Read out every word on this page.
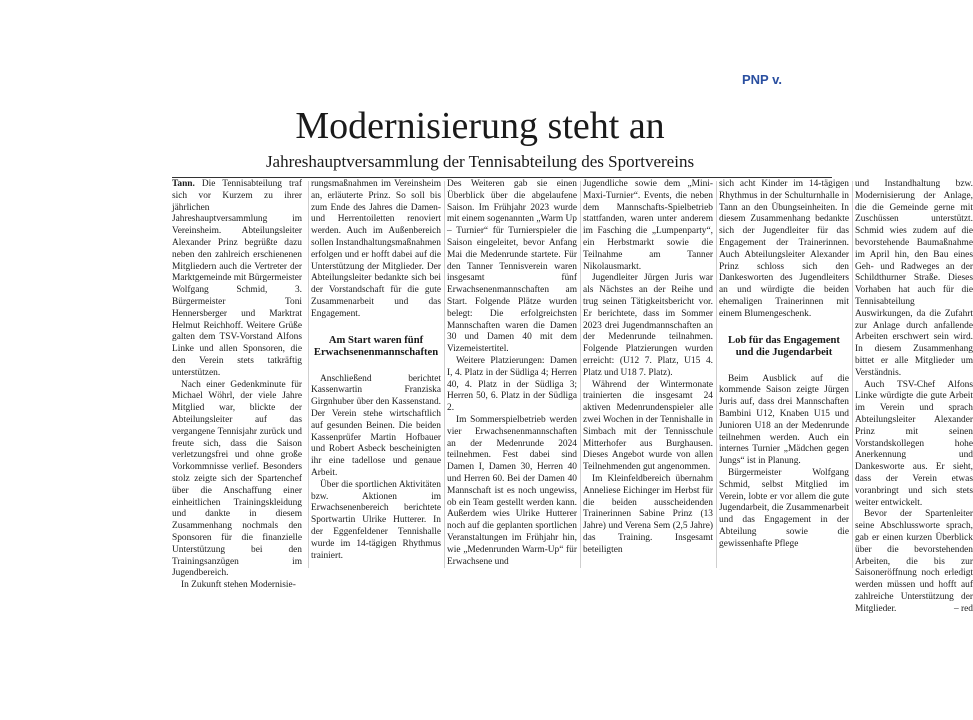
PNP v.
Modernisierung steht an
Jahreshauptversammlung der Tennisabteilung des Sportvereins

Tann. Die Tennisabteilung traf sich vor Kurzem zu ihrer jährlichen Jahreshauptversammlung im Vereinsheim. Abteilungsleiter Alexander Prinz begrüßte dazu neben den zahlreich erschienenen Mitgliedern auch die Vertreter der Marktgemeinde mit Bürgermeister Wolfgang Schmid, 3. Bürgermeister Toni Hennersberger und Marktrat Helmut Reichhoff. Weitere Grüße galten dem TSV-Vorstand Alfons Linke und allen Sponsoren, die den Verein stets tatkräftig unterstützen.

Nach einer Gedenkminute für Michael Wöhrl, der viele Jahre Mitglied war, blickte der Abteilungsleiter auf das vergangene Tennisjahr zurück und freute sich, dass die Saison verletzungsfrei und ohne große Vorkommnisse verlief. Besonders stolz zeigte sich der Spartenchef über die Anschaffung einer einheitlichen Trainingskleidung und dankte in diesem Zusammenhang nochmals den Sponsoren für die finanzielle Unterstützung bei den Trainingsanzügen im Jugendbereich.

In Zukunft stehen Modernisie-

rungsmaßnahmen im Vereinsheim an, erläuterte Prinz. So soll bis zum Ende des Jahres die Damen- und Herrentoiletten renoviert werden. Auch im Außenbereich sollen Instandhaltungsmaßnahmen erfolgen und er hofft dabei auf die Unterstützung der Mitglieder. Der Abteilungsleiter bedankte sich bei der Vorstandschaft für die gute Zusammenarbeit und das Engagement.

Am Start waren fünf Erwachsenenmannschaften

Anschließend berichtet Kassenwartin Franziska Girgnhuber über den Kassenstand. Der Verein stehe wirtschaftlich auf gesunden Beinen. Die beiden Kassenprüfer Martin Hofbauer und Robert Asbeck bescheinigten ihr eine tadellose und genaue Arbeit.

Über die sportlichen Aktivitäten bzw. Aktionen im Erwachsenenbereich berichtete Sportwartin Ulrike Hutterer. In der Eggenfeldener Tennishalle wurde im 14-tägigen Rhythmus trainiert.

Des Weiteren gab sie einen Überblick über die abgelaufene Saison. Im Frühjahr 2023 wurde mit einem sogenannten „Warm Up – Turnier“ für Turnierspieler die Saison eingeleitet, bevor Anfang Mai die Medenrunde startete. Für den Tanner Tennisverein waren insgesamt fünf Erwachsenenmannschaften am Start. Folgende Plätze wurden belegt: Die erfolgreichsten Mannschaften waren die Damen 30 und Damen 40 mit dem Vizemeistertitel.

Weitere Platzierungen: Damen I, 4. Platz in der Südliga 4; Herren 40, 4. Platz in der Südliga 3; Herren 50, 6. Platz in der Südliga 2.

Im Sommerspielbetrieb werden vier Erwachsenenmannschaften an der Medenrunde 2024 teilnehmen. Fest dabei sind Damen I, Damen 30, Herren 40 und Herren 60. Bei der Damen 40 Mannschaft ist es noch ungewiss, ob ein Team gestellt werden kann. Außerdem wies Ulrike Hutterer noch auf die geplanten sportlichen Veranstaltungen im Frühjahr hin, wie „Medenrunden Warm-Up“ für Erwachsene und

Jugendliche sowie dem „Mini-Maxi-Turnier“. Events, die neben dem Mannschafts-Spielbetrieb stattfanden, waren unter anderem im Fasching die „Lumpenparty“, ein Herbstmarkt sowie die Teilnahme am Tanner Nikolausmarkt.

Jugendleiter Jürgen Juris war als Nächstes an der Reihe und trug seinen Tätigkeitsbericht vor. Er berichtete, dass im Sommer 2023 drei Jugendmannschaften an der Medenrunde teilnahmen. Folgende Platzierungen wurden erreicht: (U12 7. Platz, U15 4. Platz und U18 7. Platz).

Während der Wintermonate trainierten die insgesamt 24 aktiven Medenrundenspieler alle zwei Wochen in der Tennishalle in Simbach mit der Tennisschule Mitterhofer aus Burghausen. Dieses Angebot wurde von allen Teilnehmenden gut angenommen.

Im Kleinfeldbereich übernahm Anneliese Eichinger im Herbst für die beiden ausscheidenden Trainerinnen Sabine Prinz (13 Jahre) und Verena Sem (2,5 Jahre) das Training. Insgesamt beteiligten

sich acht Kinder im 14-tägigen Rhythmus in der Schulturnhalle in Tann an den Übungseinheiten. In diesem Zusammenhang bedankte sich der Jugendleiter für das Engagement der Trainerinnen. Auch Abteilungsleiter Alexander Prinz schloss sich den Dankesworten des Jugendleiters an und würdigte die beiden ehemaligen Trainerinnen mit einem Blumengeschenk.

Lob für das Engagement und die Jugendarbeit

Beim Ausblick auf die kommende Saison zeigte Jürgen Juris auf, dass drei Mannschaften Bambini U12, Knaben U15 und Junioren U18 an der Medenrunde teilnehmen werden. Auch ein internes Turnier „Mädchen gegen Jungs“ ist in Planung.

Bürgermeister Wolfgang Schmid, selbst Mitglied im Verein, lobte er vor allem die gute Jugendarbeit, die Zusammenarbeit und das Engagement in der Abteilung sowie die gewissenhafte Pflege

und Instandhaltung bzw. Modernisierung der Anlage, die die Gemeinde gerne mit Zuschüssen unterstützt. Schmid wies zudem auf die bevorstehende Baumaßnahme im April hin, den Bau eines Geh- und Radweges an der Schildthurner Straße. Dieses Vorhaben hat auch für die Tennisabteilung Auswirkungen, da die Zufahrt zur Anlage durch anfallende Arbeiten erschwert sein wird. In diesem Zusammenhang bittet er alle Mitglieder um Verständnis.

Auch TSV-Chef Alfons Linke würdigte die gute Arbeit im Verein und sprach Abteilungsleiter Alexander Prinz mit seinen Vorstandskollegen hohe Anerkennung und Dankesworte aus. Er sieht, dass der Verein etwas voranbringt und sich stets weiter entwickelt.

Bevor der Spartenleiter seine Abschlussworte sprach, gab er einen kurzen Überblick über die bevorstehenden Arbeiten, die bis zur Saisoneröffnung noch erledigt werden müssen und hofft auf zahlreiche Unterstützung der Mitglieder.	– red
